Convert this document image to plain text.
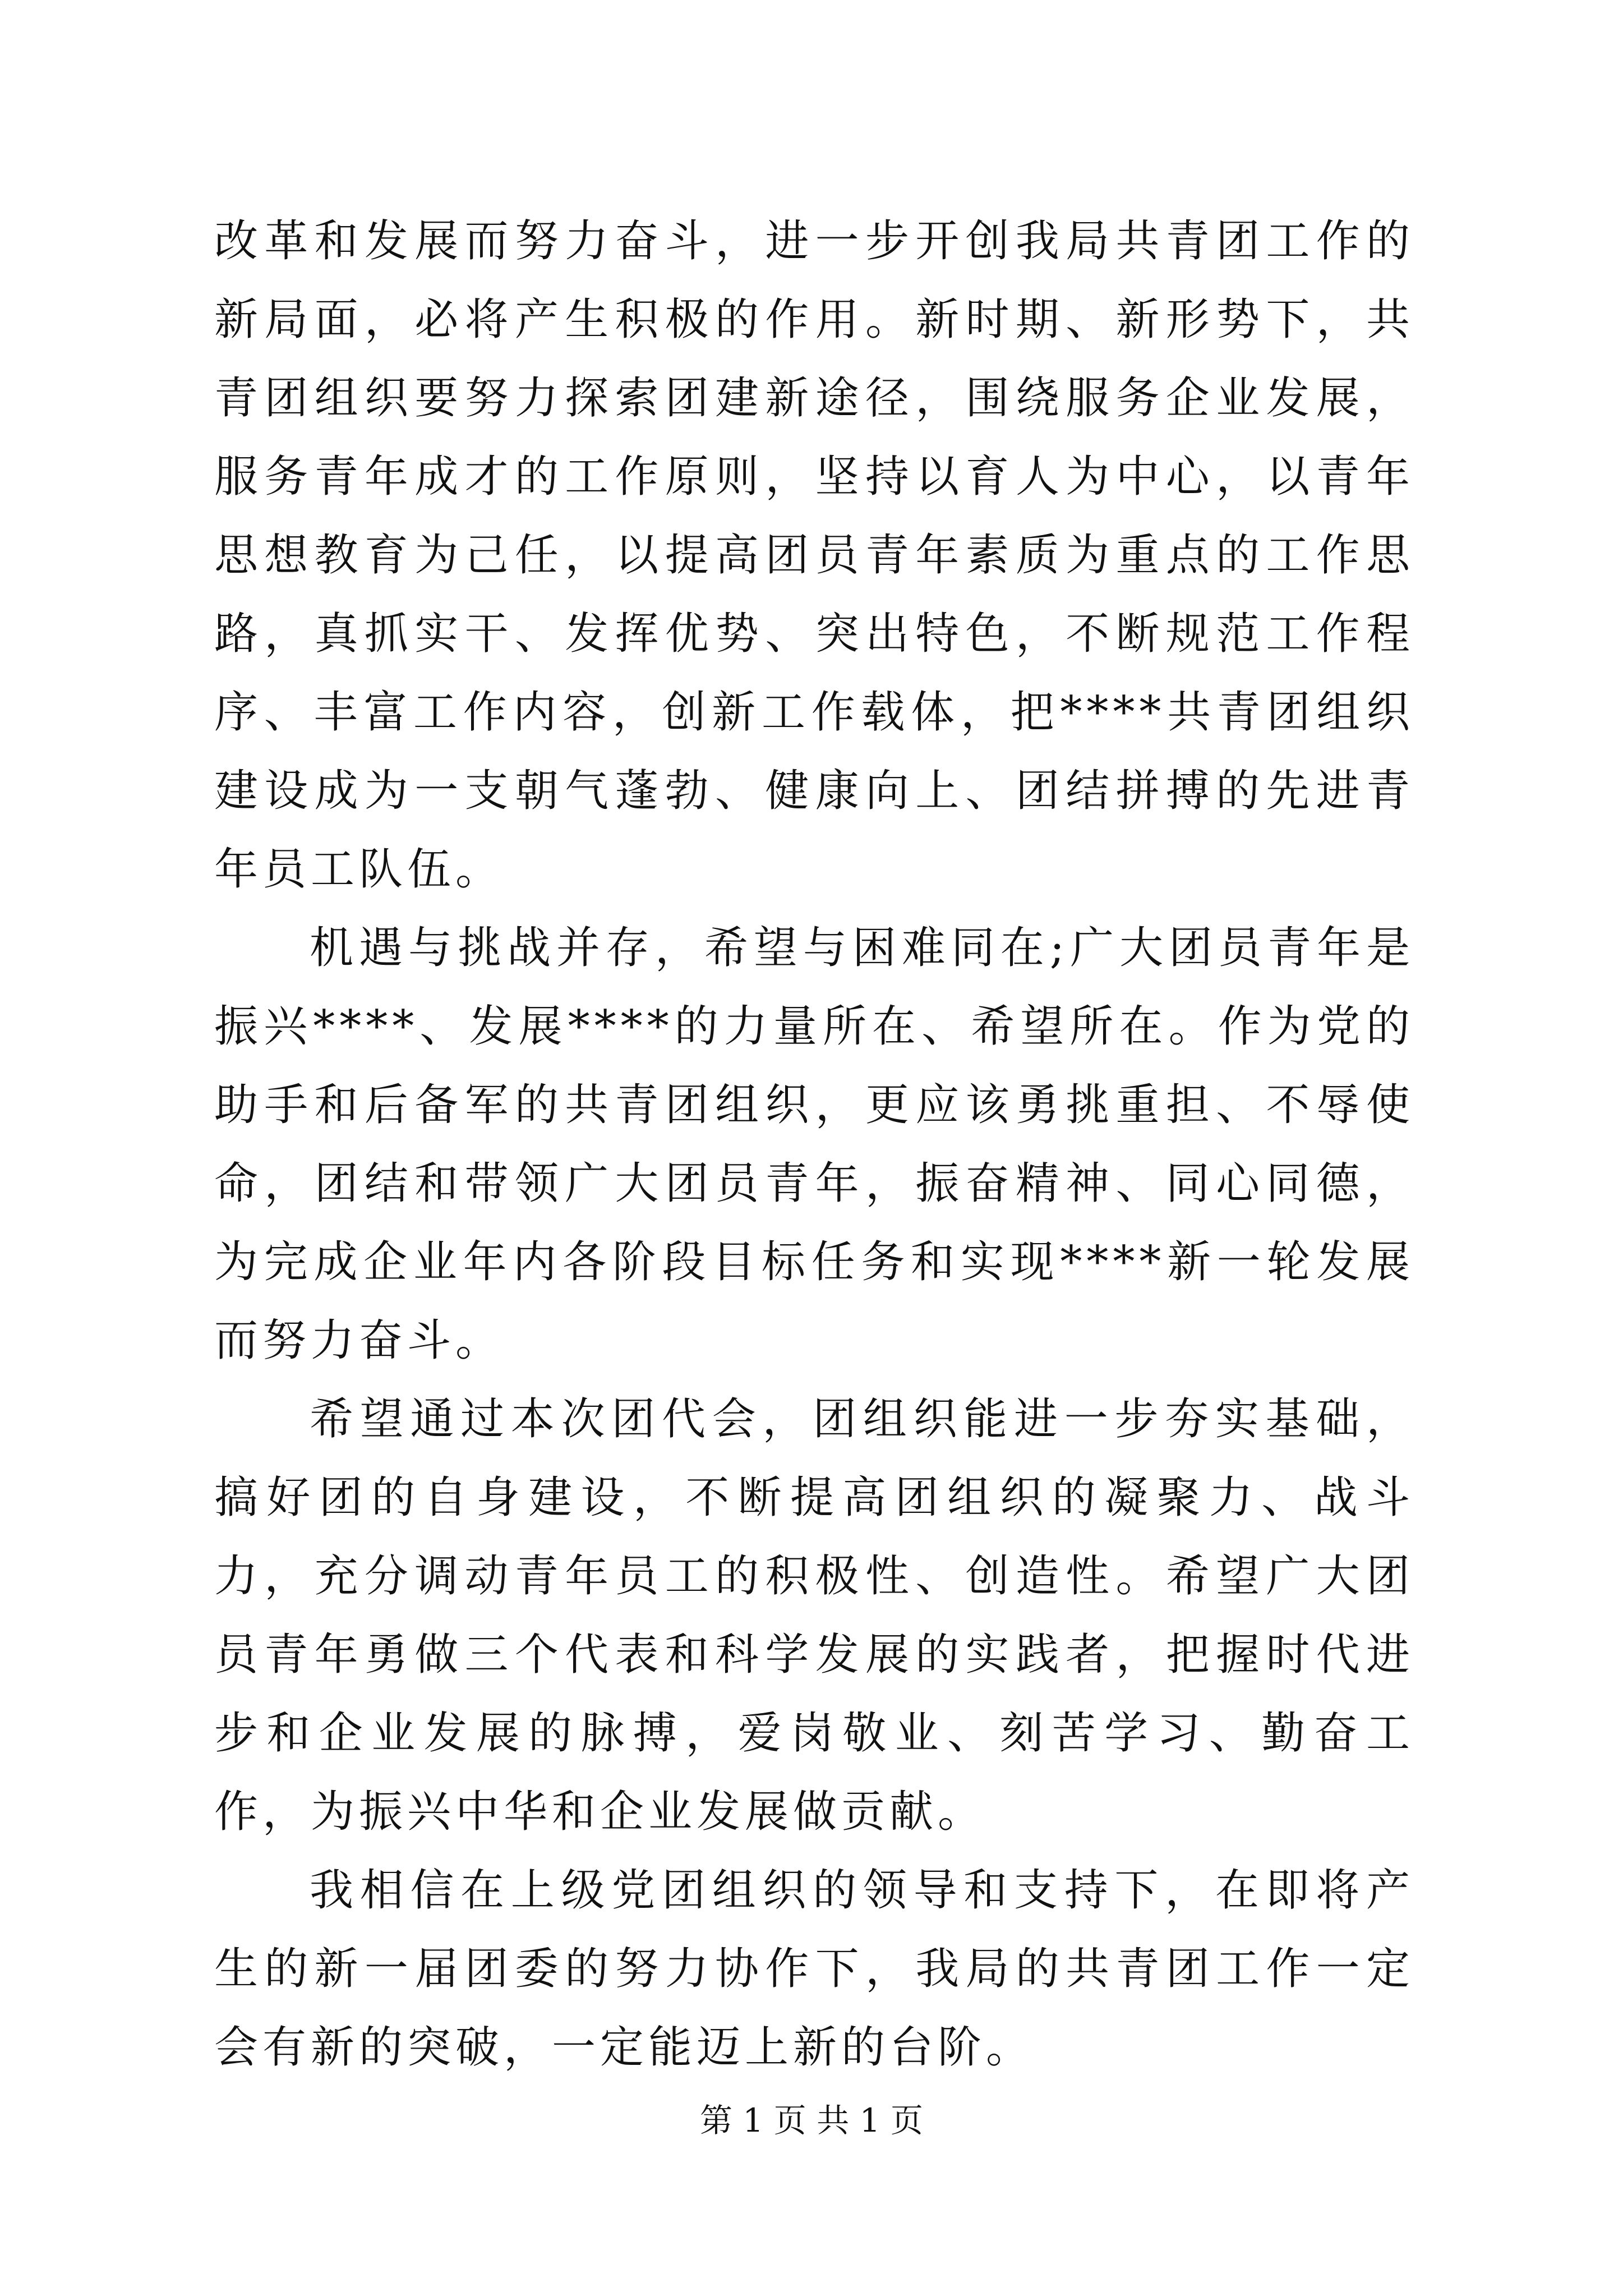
改革和发展而努力奋斗，进一步开创我局共青团工作的新局面，必将产生积极的作用。新时期、新形势下，共青团组织要努力探索团建新途径，围绕服务企业发展，服务青年成才的工作原则，坚持以育人为中心，以青年思想教育为己任，以提高团员青年素质为重点的工作思路，真抓实干、发挥优势、突出特色，不断规范工作程序、丰富工作内容，创新工作载体，把****共青团组织建设成为一支朝气蓬勃、健康向上、团结拼搏的先进青年员工队伍。

机遇与挑战并存，希望与困难同在;广大团员青年是振兴****、发展****的力量所在、希望所在。作为党的助手和后备军的共青团组织，更应该勇挑重担、不辱使命，团结和带领广大团员青年，振奋精神、同心同德，为完成企业年内各阶段目标任务和实现****新一轮发展而努力奋斗。

希望通过本次团代会，团组织能进一步夯实基础，搞好团的自身建设，不断提高团组织的凝聚力、战斗力，充分调动青年员工的积极性、创造性。希望广大团员青年勇做三个代表和科学发展的实践者，把握时代进步和企业发展的脉搏，爱岗敬业、刻苦学习、勤奋工作，为振兴中华和企业发展做贡献。

我相信在上级党团组织的领导和支持下，在即将产生的新一届团委的努力协作下，我局的共青团工作一定会有新的突破，一定能迈上新的台阶。

第 1 页 共 1 页
